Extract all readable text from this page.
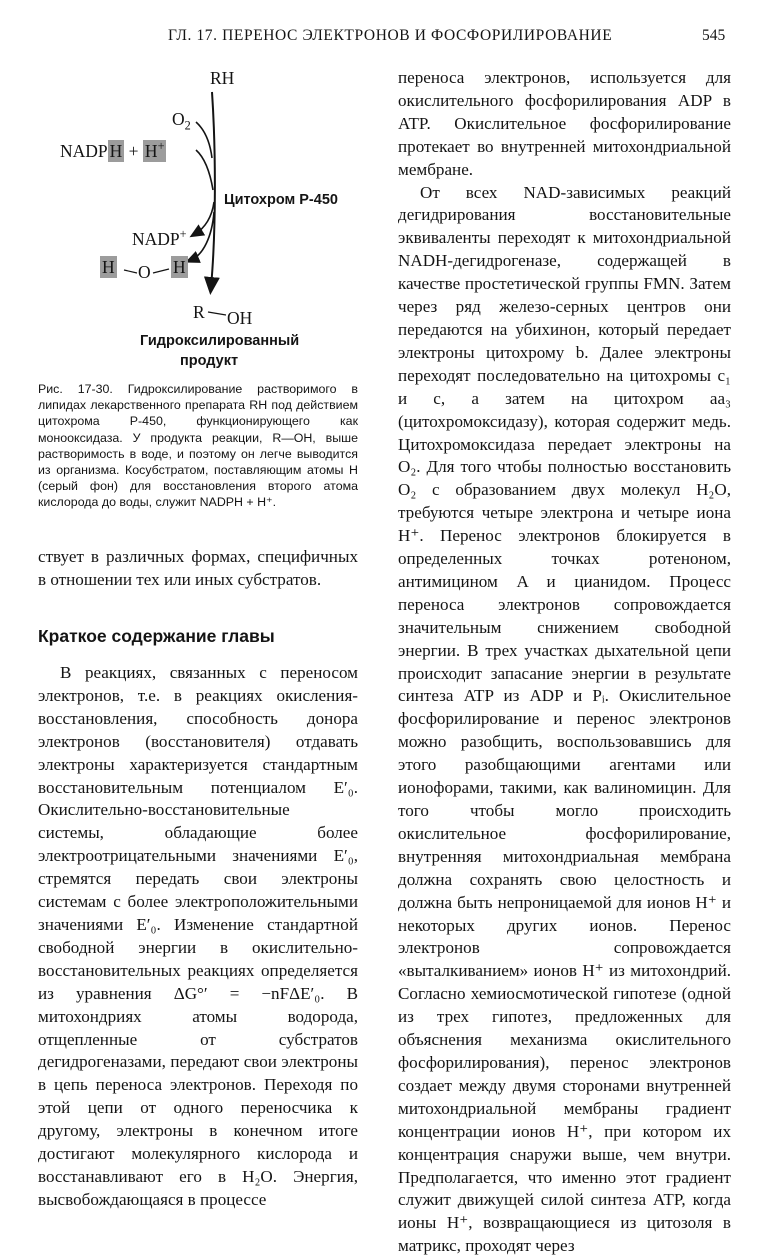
ГЛ. 17. ПЕРЕНОС ЭЛЕКТРОНОВ И ФОСФОРИЛИРОВАНИЕ	545
RH
$O_2$
NADP H + H+
Цитохром P-450
NADP+
H O H
R OH
Гидроксилированный
продукт

Рис. 17-30. Гидроксилирование растворимого в липидах лекарственного препарата RH под действием цитохрома P-450, функционирующего как монооксидаза. У продукта реакции, R—OH, выше растворимость в воде, и поэтому он легче выводится из организма. Косубстратом, поставляющим атомы H (серый фон) для восстановления второго атома кислорода до воды, служит NADPH + H⁺.

ствует в различных формах, специфичных в отношении тех или иных субстратов.

Краткое содержание главы

В реакциях, связанных с переносом электронов, т.е. в реакциях окисления-восстановления, способность донора электронов (восстановителя) отдавать электроны характеризуется стандартным восстановительным потенциалом E′₀. Окислительно-восстановительные системы, обладающие более электроотрицательными значениями E′₀, стремятся передать свои электроны системам с более электроположительными значениями E′₀. Изменение стандартной свободной энергии в окислительно-восстановительных реакциях определяется из уравнения ΔG°′ = −nFΔE′₀. В митохондриях атомы водорода, отщепленные от субстратов дегидрогеназами, передают свои электроны в цепь переноса электронов. Переходя по этой цепи от одного переносчика к другому, электроны в конечном итоге достигают молекулярного кислорода и восстанавливают его в H₂O. Энергия, высвобождающаяся в процессе

переноса электронов, используется для окислительного фосфорилирования ADP в ATP. Окислительное фосфорилирование протекает во внутренней митохондриальной мембране.

От всех NAD-зависимых реакций дегидрирования восстановительные эквиваленты переходят к митохондриальной NADH-дегидрогеназе, содержащей в качестве простетической группы FMN. Затем через ряд железо-серных центров они передаются на убихинон, который передает электроны цитохрому b. Далее электроны переходят последовательно на цитохромы c₁ и c, а затем на цитохром aa₃ (цитохромоксидазу), которая содержит медь. Цитохромоксидаза передает электроны на O₂. Для того чтобы полностью восстановить O₂ с образованием двух молекул H₂O, требуются четыре электрона и четыре иона H⁺. Перенос электронов блокируется в определенных точках ротеноном, антимицином A и цианидом. Процесс переноса электронов сопровождается значительным снижением свободной энергии. В трех участках дыхательной цепи происходит запасание энергии в результате синтеза ATP из ADP и Pᵢ. Окислительное фосфорилирование и перенос электронов можно разобщить, воспользовавшись для этого разобщающими агентами или ионофорами, такими, как валиномицин. Для того чтобы могло происходить окислительное фосфорилирование, внутренняя митохондриальная мембрана должна сохранять свою целостность и должна быть непроницаемой для ионов H⁺ и некоторых других ионов. Перенос электронов сопровождается «выталкиванием» ионов H⁺ из митохондрий. Согласно хемиосмотической гипотезе (одной из трех гипотез, предложенных для объяснения механизма окислительного фосфорилирования), перенос электронов создает между двумя сторонами внутренней митохондриальной мембраны градиент концентрации ионов H⁺, при котором их концентрация снаружи выше, чем внутри. Предполагается, что именно этот градиент служит движущей силой синтеза ATP, когда ионы H⁺, возвращающиеся из цитозоля в матрикс, проходят через
